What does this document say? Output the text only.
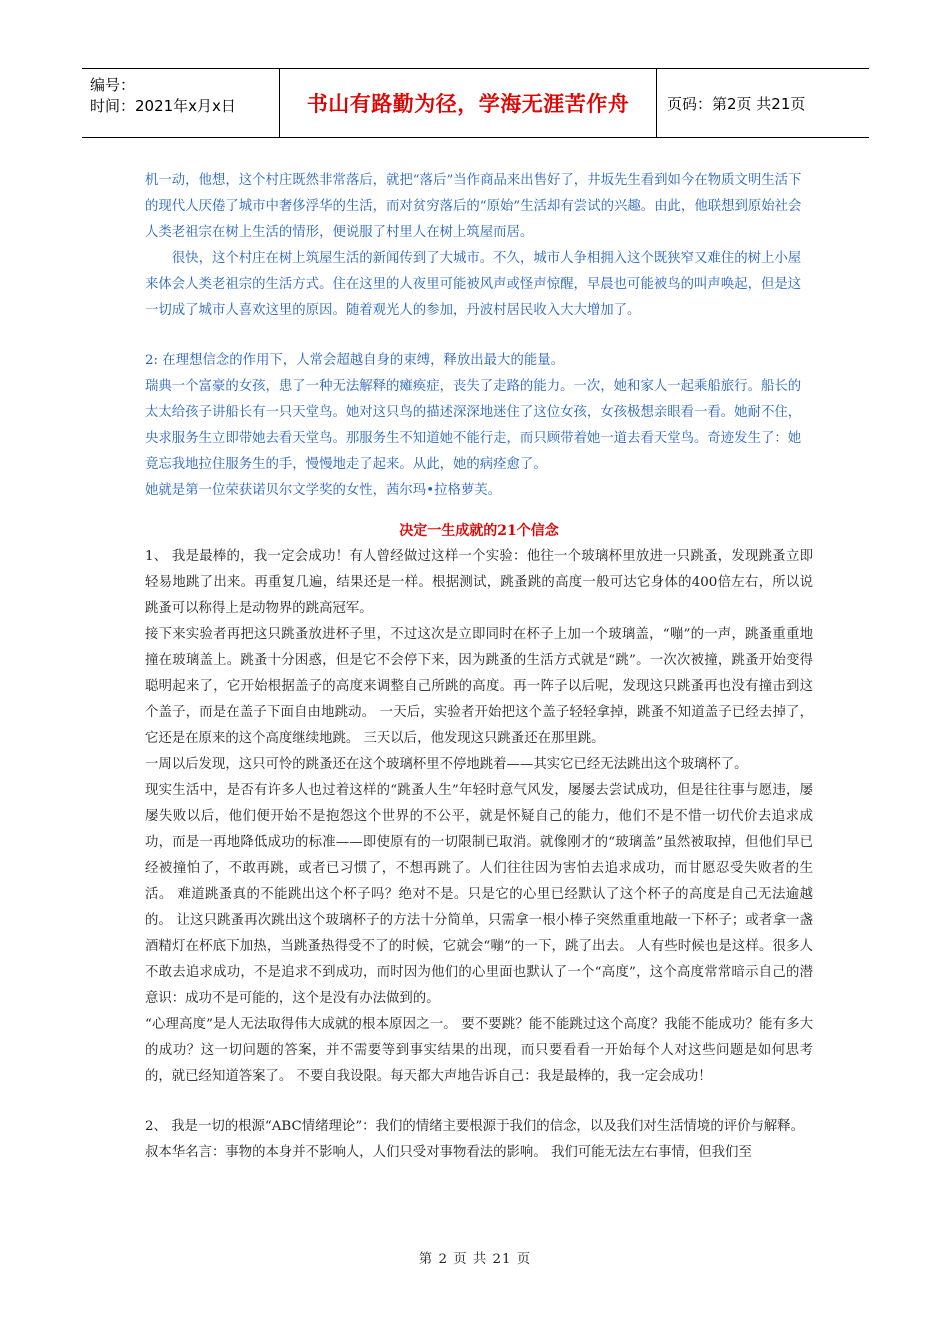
编号：
时间：2021年x月x日	书山有路勤为径，学海无涯苦作舟	页码：第2页 共21页

机一动，他想，这个村庄既然非常落后，就把“落后”当作商品来出售好了，井坂先生看到如今在物质文明生活下的现代人厌倦了城市中奢侈浮华的生活，而对贫穷落后的“原始”生活却有尝试的兴趣。由此，他联想到原始社会人类老祖宗在树上生活的情形，便说服了村里人在树上筑屋而居。

很快，这个村庄在树上筑屋生活的新闻传到了大城市。不久，城市人争相拥入这个既狭窄又难住的树上小屋来体会人类老祖宗的生活方式。住在这里的人夜里可能被风声或怪声惊醒，早晨也可能被鸟的叫声唤起，但是这一切成了城市人喜欢这里的原因。随着观光人的参加，丹波村居民收入大大增加了。

2: 在理想信念的作用下，人常会超越自身的束缚，释放出最大的能量。

瑞典一个富豪的女孩，患了一种无法解释的瘫痪症，丧失了走路的能力。一次，她和家人一起乘船旅行。船长的太太给孩子讲船长有一只天堂鸟。她对这只鸟的描述深深地迷住了这位女孩，女孩极想亲眼看一看。她耐不住，央求服务生立即带她去看天堂鸟。那服务生不知道她不能行走，而只顾带着她一道去看天堂鸟。奇迹发生了：她竟忘我地拉住服务生的手，慢慢地走了起来。从此，她的病痊愈了。

她就是第一位荣获诺贝尔文学奖的女性，茜尔玛•拉格萝芙。

决定一生成就的21个信念

1、 我是最棒的，我一定会成功！有人曾经做过这样一个实验：他往一个玻璃杯里放进一只跳蚤，发现跳蚤立即轻易地跳了出来。再重复几遍，结果还是一样。根据测试，跳蚤跳的高度一般可达它身体的400倍左右，所以说跳蚤可以称得上是动物界的跳高冠军。

接下来实验者再把这只跳蚤放进杯子里，不过这次是立即同时在杯子上加一个玻璃盖，“嘣”的一声，跳蚤重重地撞在玻璃盖上。跳蚤十分困惑，但是它不会停下来，因为跳蚤的生活方式就是“跳”。一次次被撞，跳蚤开始变得聪明起来了，它开始根据盖子的高度来调整自己所跳的高度。再一阵子以后呢，发现这只跳蚤再也没有撞击到这个盖子，而是在盖子下面自由地跳动。 一天后，实验者开始把这个盖子轻轻拿掉，跳蚤不知道盖子已经去掉了，它还是在原来的这个高度继续地跳。 三天以后，他发现这只跳蚤还在那里跳。

一周以后发现，这只可怜的跳蚤还在这个玻璃杯里不停地跳着——其实它已经无法跳出这个玻璃杯了。

现实生活中，是否有许多人也过着这样的“跳蚤人生”年轻时意气风发，屡屡去尝试成功，但是往往事与愿违，屡屡失败以后，他们便开始不是抱怨这个世界的不公平，就是怀疑自己的能力，他们不是不惜一切代价去追求成功，而是一再地降低成功的标准——即使原有的一切限制已取消。就像刚才的“玻璃盖”虽然被取掉，但他们早已经被撞怕了，不敢再跳，或者已习惯了，不想再跳了。人们往往因为害怕去追求成功，而甘愿忍受失败者的生活。 难道跳蚤真的不能跳出这个杯子吗？绝对不是。只是它的心里已经默认了这个杯子的高度是自己无法逾越的。 让这只跳蚤再次跳出这个玻璃杯子的方法十分简单，只需拿一根小棒子突然重重地敲一下杯子；或者拿一盏酒精灯在杯底下加热，当跳蚤热得受不了的时候，它就会“嘣”的一下，跳了出去。 人有些时候也是这样。很多人不敢去追求成功，不是追求不到成功，而时因为他们的心里面也默认了一个“高度”，这个高度常常暗示自己的潜意识：成功不是可能的，这个是没有办法做到的。

“心理高度”是人无法取得伟大成就的根本原因之一。 要不要跳？能不能跳过这个高度？我能不能成功？能有多大的成功？这一切问题的答案，并不需要等到事实结果的出现，而只要看看一开始每个人对这些问题是如何思考的，就已经知道答案了。 不要自我设限。每天都大声地告诉自己：我是最棒的，我一定会成功！

2、 我是一切的根源“ABC情绪理论”：我们的情绪主要根源于我们的信念，以及我们对生活情境的评价与解释。

叔本华名言：事物的本身并不影响人，人们只受对事物看法的影响。 我们可能无法左右事情，但我们至

第 2 页 共 21 页
